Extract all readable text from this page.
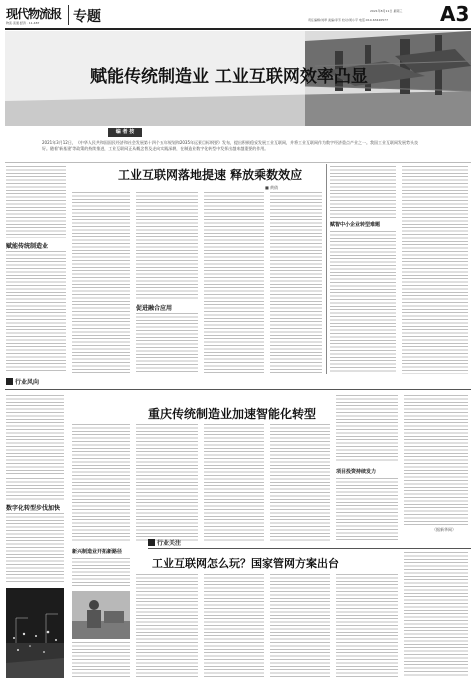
现代物流报
物流·流通·经济 · 11-487 专题	2021年8月11日 星期三
责任编辑/刘翠 美编/李芳 校对/周小平 电话:010-63420577	A3
赋能传统制造业 工业互联网效率凸显
编 者 按
2021年3月12日，《中华人民共和国国民经济和社会发展第十四个五年规划和2035年远景目标纲要》发布，提出积极稳妥发展工业互联网，并将工业互联网作为数字经济重点产业之一。我国工业互联网发展势头良好。随着'新基建'等政策的持续推进，工业互联网正从概念普及走向实践深耕，在制造业数字化转型中发挥出越来越重要的作用。
赋能传统制造业
工业互联网落地提速 释放乘数效应
■ 黄倩
促进融合应用
赋智中小企业转型难题
行业风向
重庆传统制造业加速智能化转型
数字化转型步伐加快
项目投资持续发力
（据新华网）
行业关注
工业互联网怎么玩？国家管网方案出台
新兴制造业开拓新路径
